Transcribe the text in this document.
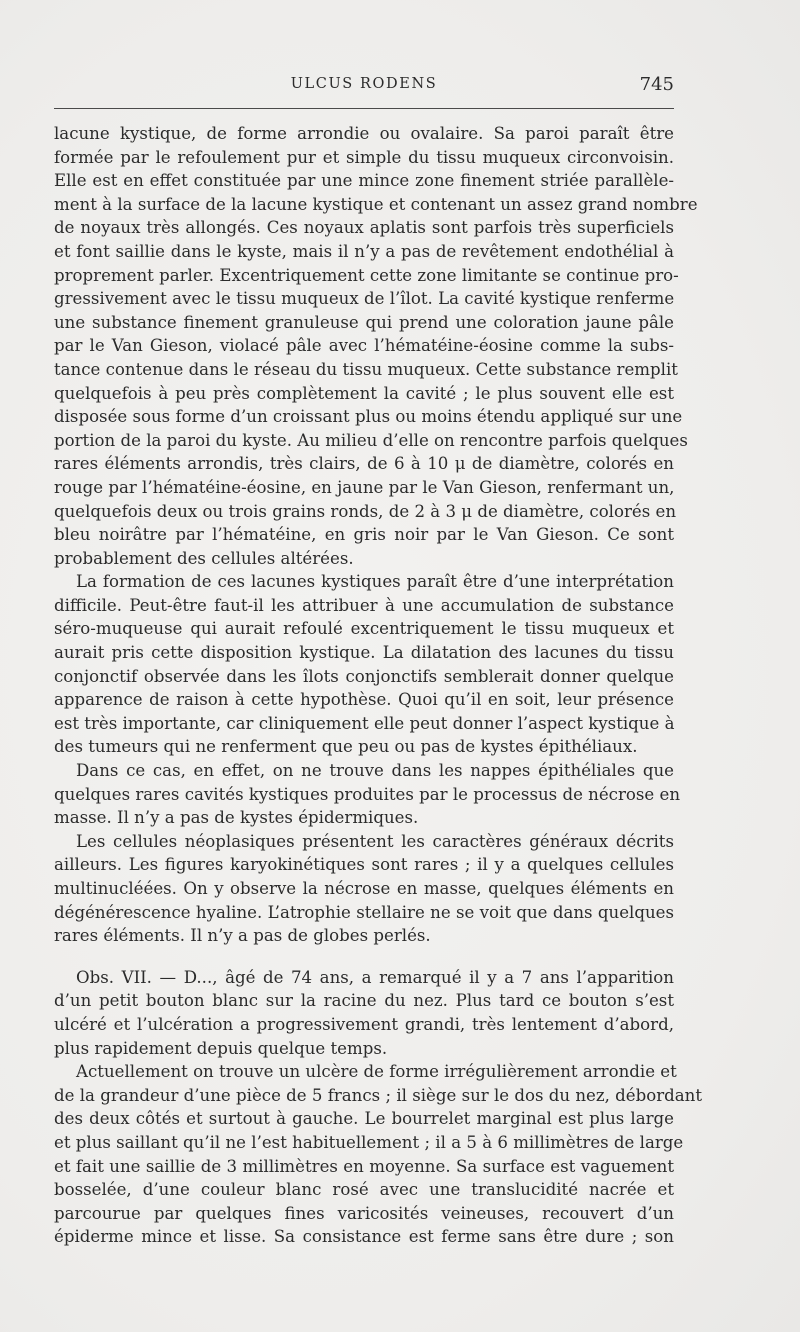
ULCUS RODENS	745
lacune kystique, de forme arrondie ou ovalaire. Sa paroi paraît être
formée par le refoulement pur et simple du tissu muqueux circonvoisin.
Elle est en effet constituée par une mince zone finement striée parallèle-
ment à la surface de la lacune kystique et contenant un assez grand nombre
de noyaux très allongés. Ces noyaux aplatis sont parfois très superficiels
et font saillie dans le kyste, mais il n’y a pas de revêtement endothélial à
proprement parler. Excentriquement cette zone limitante se continue pro-
gressivement avec le tissu muqueux de l’îlot. La cavité kystique renferme
une substance finement granuleuse qui prend une coloration jaune pâle
par le Van Gieson, violacé pâle avec l’hématéine-éosine comme la subs-
tance contenue dans le réseau du tissu muqueux. Cette substance remplit
quelquefois à peu près complètement la cavité ; le plus souvent elle est
disposée sous forme d’un croissant plus ou moins étendu appliqué sur une
portion de la paroi du kyste. Au milieu d’elle on rencontre parfois quelques
rares éléments arrondis, très clairs, de 6 à 10 μ de diamètre, colorés en
rouge par l’hématéine-éosine, en jaune par le Van Gieson, renfermant un,
quelquefois deux ou trois grains ronds, de 2 à 3 μ de diamètre, colorés en
bleu noirâtre par l’hématéine, en gris noir par le Van Gieson. Ce sont
probablement des cellules altérées.
La formation de ces lacunes kystiques paraît être d’une interprétation
difficile. Peut-être faut-il les attribuer à une accumulation de substance
séro-muqueuse qui aurait refoulé excentriquement le tissu muqueux et
aurait pris cette disposition kystique. La dilatation des lacunes du tissu
conjonctif observée dans les îlots conjonctifs semblerait donner quelque
apparence de raison à cette hypothèse. Quoi qu’il en soit, leur présence
est très importante, car cliniquement elle peut donner l’aspect kystique à
des tumeurs qui ne renferment que peu ou pas de kystes épithéliaux.
Dans ce cas, en effet, on ne trouve dans les nappes épithéliales que
quelques rares cavités kystiques produites par le processus de nécrose en
masse. Il n’y a pas de kystes épidermiques.
Les cellules néoplasiques présentent les caractères généraux décrits
ailleurs. Les figures karyokinétiques sont rares ; il y a quelques cellules
multinucléées. On y observe la nécrose en masse, quelques éléments en
dégénérescence hyaline. L’atrophie stellaire ne se voit que dans quelques
rares éléments. Il n’y a pas de globes perlés.
Obs. VII. — D..., âgé de 74 ans, a remarqué il y a 7 ans l’apparition
d’un petit bouton blanc sur la racine du nez. Plus tard ce bouton s’est
ulcéré et l’ulcération a progressivement grandi, très lentement d’abord,
plus rapidement depuis quelque temps.
Actuellement on trouve un ulcère de forme irrégulièrement arrondie et
de la grandeur d’une pièce de 5 francs ; il siège sur le dos du nez, débordant
des deux côtés et surtout à gauche. Le bourrelet marginal est plus large
et plus saillant qu’il ne l’est habituellement ; il a 5 à 6 millimètres de large
et fait une saillie de 3 millimètres en moyenne. Sa surface est vaguement
bosselée, d’une couleur blanc rosé avec une translucidité nacrée et
parcourue par quelques fines varicosités veineuses, recouvert d’un
épiderme mince et lisse. Sa consistance est ferme sans être dure ; son
